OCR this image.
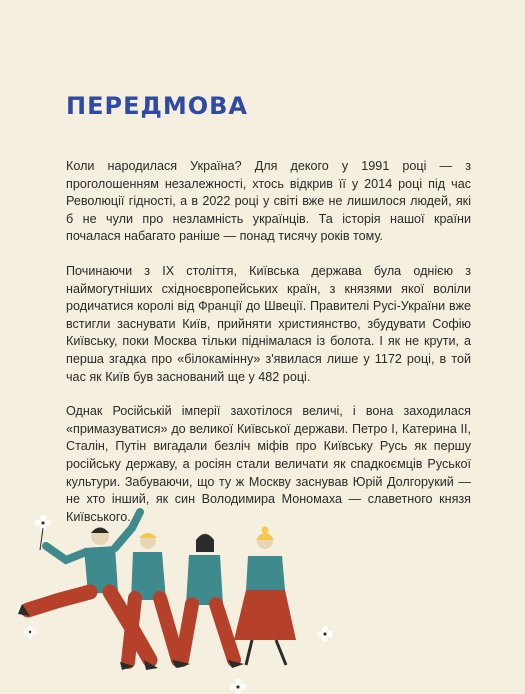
ПЕРЕДМОВА

Коли народилася Україна? Для декого у 1991 році — з проголошенням незалежності, хтось відкрив її у 2014 році під час Революції гідності, а в 2022 році у світі вже не лишилося людей, які б не чули про незламність українців. Та історія нашої країни почалася набагато раніше — понад тисячу років тому.

Починаючи з IX століття, Київська держава була однією з наймогутніших східноєвропейських країн, з князями якої воліли родичатися королі від Франції до Швеції. Правителі Русі-України вже встигли заснувати Київ, прийняти християнство, збудувати Софію Київську, поки Москва тільки піднімалася із болота. І як не крути, а перша згадка про «білокамінну» з'явилася лише у 1172 році, в той час як Київ був заснований ще у 482 році.

Однак Російській імперії захотілося величі, і вона заходилася «примазуватися» до великої Київської держави. Петро I, Катерина II, Сталін, Путін вигадали безліч міфів про Київську Русь як першу російську державу, а росіян стали величати як спадкоємців Руської культури. Забуваючи, що ту ж Москву заснував Юрій Долгорукий — не хто інший, як син Володимира Мономаха — славетного князя Київського.
